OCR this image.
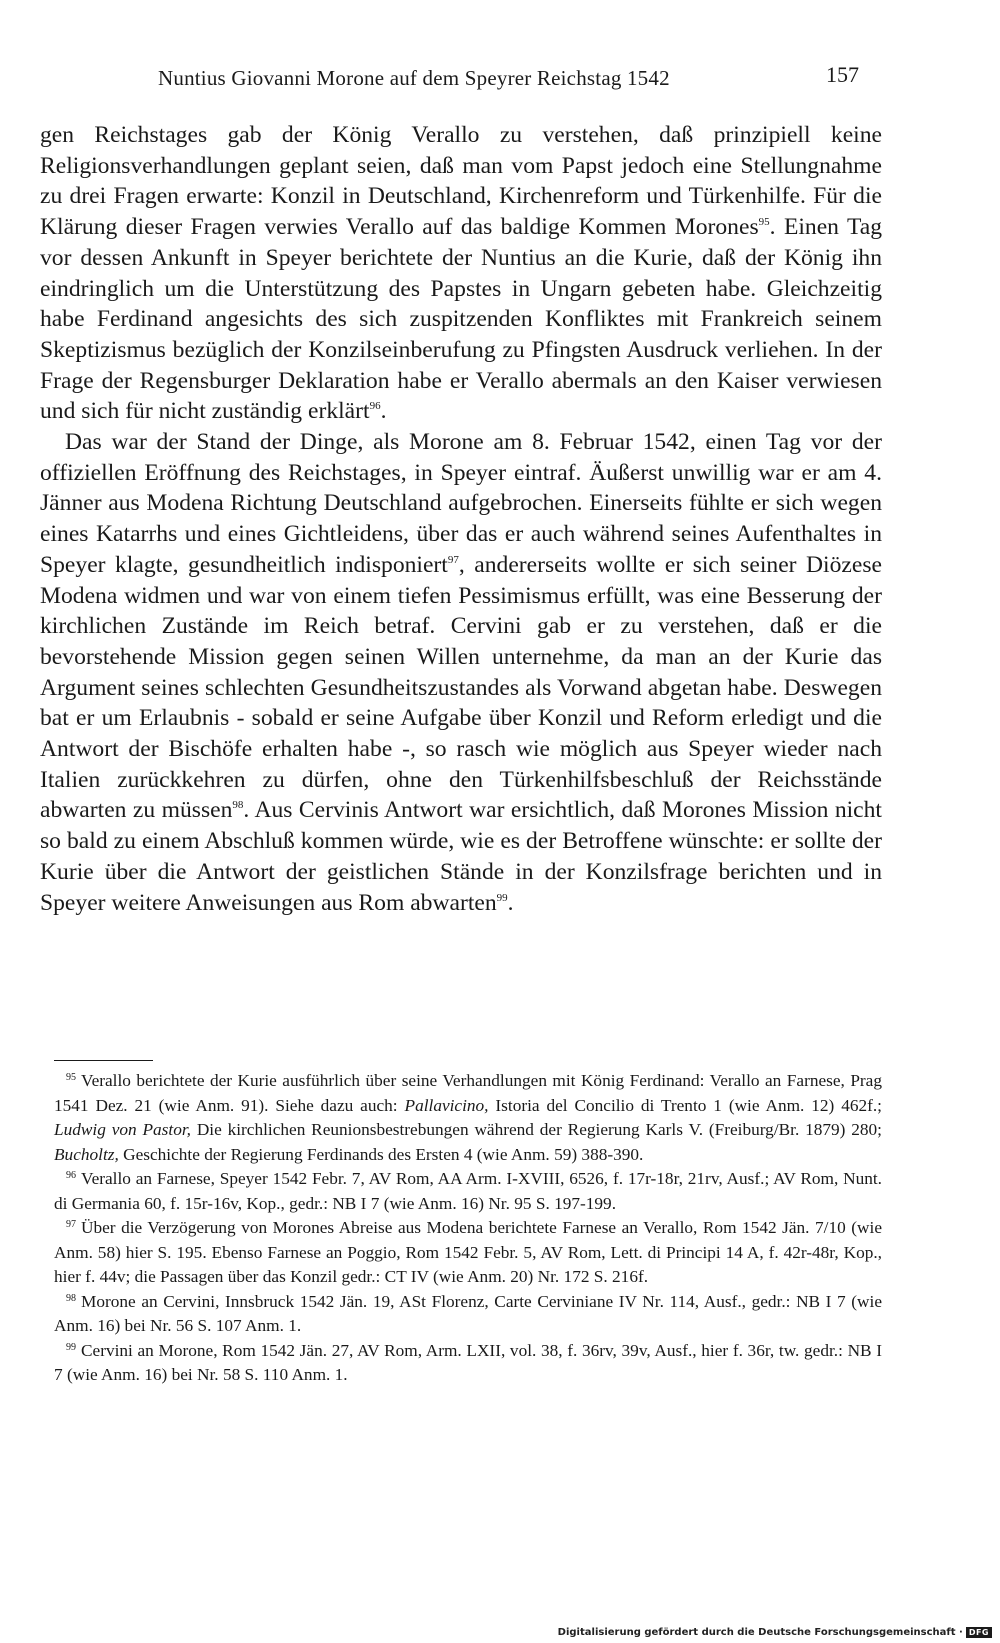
Nuntius Giovanni Morone auf dem Speyrer Reichstag 1542	157

gen Reichstages gab der König Verallo zu verstehen, daß prinzipiell keine Religionsverhandlungen geplant seien, daß man vom Papst jedoch eine Stellungnahme zu drei Fragen erwarte: Konzil in Deutschland, Kirchenreform und Türkenhilfe. Für die Klärung dieser Fragen verwies Verallo auf das baldige Kommen Morones$^{95}$. Einen Tag vor dessen Ankunft in Speyer berichtete der Nuntius an die Kurie, daß der König ihn eindringlich um die Unterstützung des Papstes in Ungarn gebeten habe. Gleichzeitig habe Ferdinand angesichts des sich zuspitzenden Konfliktes mit Frankreich seinem Skeptizismus bezüglich der Konzilseinberufung zu Pfingsten Ausdruck verliehen. In der Frage der Regensburger Deklaration habe er Verallo abermals an den Kaiser verwiesen und sich für nicht zuständig erklärt$^{96}$.

Das war der Stand der Dinge, als Morone am 8. Februar 1542, einen Tag vor der offiziellen Eröffnung des Reichstages, in Speyer eintraf. Äußerst unwillig war er am 4. Jänner aus Modena Richtung Deutschland aufgebrochen. Einerseits fühlte er sich wegen eines Katarrhs und eines Gichtleidens, über das er auch während seines Aufenthaltes in Speyer klagte, gesundheitlich indisponiert$^{97}$, andererseits wollte er sich seiner Diözese Modena widmen und war von einem tiefen Pessimismus erfüllt, was eine Besserung der kirchlichen Zustände im Reich betraf. Cervini gab er zu verstehen, daß er die bevorstehende Mission gegen seinen Willen unternehme, da man an der Kurie das Argument seines schlechten Gesundheitszustandes als Vorwand abgetan habe. Deswegen bat er um Erlaubnis - sobald er seine Aufgabe über Konzil und Reform erledigt und die Antwort der Bischöfe erhalten habe -, so rasch wie möglich aus Speyer wieder nach Italien zurückkehren zu dürfen, ohne den Türkenhilfsbeschluß der Reichsstände abwarten zu müssen$^{98}$. Aus Cervinis Antwort war ersichtlich, daß Morones Mission nicht so bald zu einem Abschluß kommen würde, wie es der Betroffene wünschte: er sollte der Kurie über die Antwort der geistlichen Stände in der Konzilsfrage berichten und in Speyer weitere Anweisungen aus Rom abwarten$^{99}$.

$^{95}$ Verallo berichtete der Kurie ausführlich über seine Verhandlungen mit König Ferdinand: Verallo an Farnese, Prag 1541 Dez. 21 (wie Anm. 91). Siehe dazu auch: Pallavicino, Istoria del Concilio di Trento 1 (wie Anm. 12) 462f.; Ludwig von Pastor, Die kirchlichen Reunionsbestrebungen während der Regierung Karls V. (Freiburg/Br. 1879) 280; Bucholtz, Geschichte der Regierung Ferdinands des Ersten 4 (wie Anm. 59) 388-390.

$^{96}$ Verallo an Farnese, Speyer 1542 Febr. 7, AV Rom, AA Arm. I-XVIII, 6526, f. 17r-18r, 21rv, Ausf.; AV Rom, Nunt. di Germania 60, f. 15r-16v, Kop., gedr.: NB I 7 (wie Anm. 16) Nr. 95 S. 197-199.

$^{97}$ Über die Verzögerung von Morones Abreise aus Modena berichtete Farnese an Verallo, Rom 1542 Jän. 7/10 (wie Anm. 58) hier S. 195. Ebenso Farnese an Poggio, Rom 1542 Febr. 5, AV Rom, Lett. di Principi 14 A, f. 42r-48r, Kop., hier f. 44v; die Passagen über das Konzil gedr.: CT IV (wie Anm. 20) Nr. 172 S. 216f.

$^{98}$ Morone an Cervini, Innsbruck 1542 Jän. 19, ASt Florenz, Carte Cerviniane IV Nr. 114, Ausf., gedr.: NB I 7 (wie Anm. 16) bei Nr. 56 S. 107 Anm. 1.

$^{99}$ Cervini an Morone, Rom 1542 Jän. 27, AV Rom, Arm. LXII, vol. 38, f. 36rv, 39v, Ausf., hier f. 36r, tw. gedr.: NB I 7 (wie Anm. 16) bei Nr. 58 S. 110 Anm. 1.

Digitalisierung gefördert durch die Deutsche Forschungsgemeinschaft · DFG
